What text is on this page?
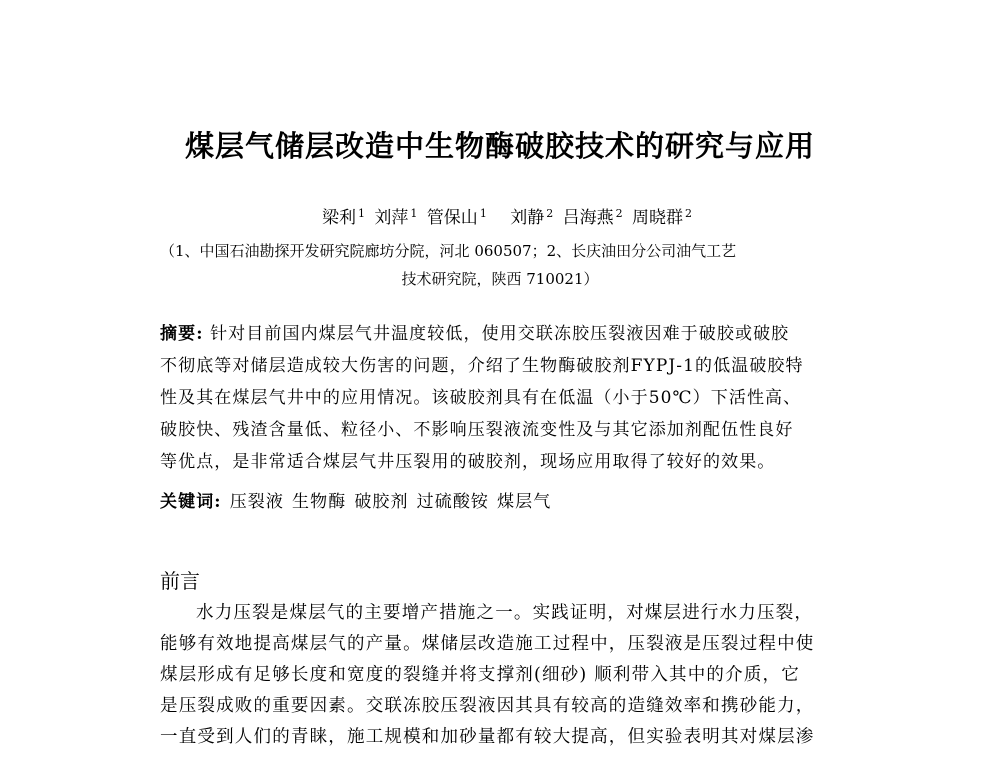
煤层气储层改造中生物酶破胶技术的研究与应用
梁利 $^1$ 刘萍 $^1$ 管保山 $^1$ 刘静 $^2$ 吕海燕 $^2$ 周晓群 $^2$
（1、中国石油勘探开发研究院廊坊分院，河北 060507；2、长庆油田分公司油气工艺
技术研究院，陕西 710021）
摘要: 针对目前国内煤层气井温度较低，使用交联冻胶压裂液因难于破胶或破胶
不彻底等对储层造成较大伤害的问题，介绍了生物酶破胶剂FYPJ-1的低温破胶特
性及其在煤层气井中的应用情况。该破胶剂具有在低温（小于50℃）下活性高、
破胶快、残渣含量低、粒径小、不影响压裂液流变性及与其它添加剂配伍性良好
等优点，是非常适合煤层气井压裂用的破胶剂，现场应用取得了较好的效果。
关键词: 压裂液 生物酶 破胶剂 过硫酸铵 煤层气
前言
水力压裂是煤层气的主要增产措施之一。实践证明，对煤层进行水力压裂，
能够有效地提高煤层气的产量。煤储层改造施工过程中，压裂液是压裂过程中使
煤层形成有足够长度和宽度的裂缝并将支撑剂(细砂) 顺利带入其中的介质，它
是压裂成败的重要因素。交联冻胶压裂液因其具有较高的造缝效率和携砂能力，
一直受到人们的青睐，施工规模和加砂量都有较大提高，但实验表明其对煤层渗
